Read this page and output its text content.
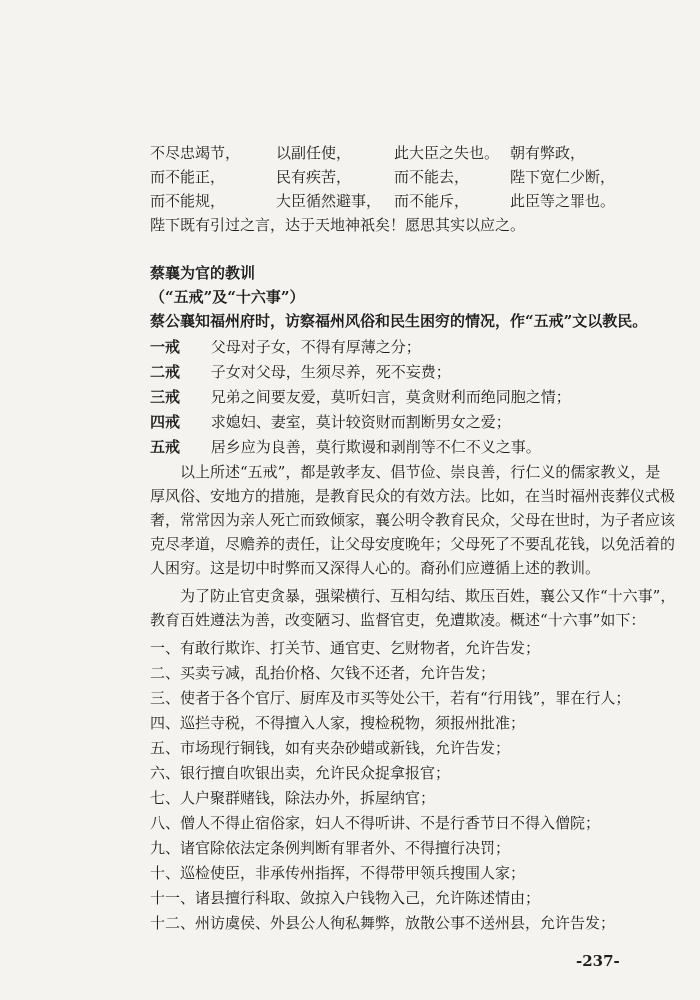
不尽忠竭节，	以副任使，	此大臣之失也。 朝有弊政，
而不能正，	民有疾苦，	而不能去，	陛下宽仁少断，
而不能规，	大臣循然避事， 而不能斥，	此臣等之罪也。
陛下既有引过之言，达于天地神祇矣！愿思其实以应之。
蔡襄为官的教训
（“五戒”及“十六事”）
蔡公襄知福州府时，访察福州风俗和民生困穷的情况，作“五戒”文以教民。
一戒 父母对子女，不得有厚薄之分；
二戒 子女对父母，生须尽养，死不妄费；
三戒 兄弟之间要友爱，莫听妇言，莫贪财利而绝同胞之情；
四戒 求媳妇、妻室，莫计较资财而割断男女之爱；
五戒 居乡应为良善，莫行欺谩和剥削等不仁不义之事。
　　以上所述“五戒”，都是敦孝友、倡节俭、崇良善，行仁义的儒家教义，是
厚风俗、安地方的措施，是教育民众的有效方法。比如，在当时福州丧葬仪式极
奢，常常因为亲人死亡而致倾家，襄公明令教育民众，父母在世时，为子者应该
克尽孝道，尽赡养的责任，让父母安度晚年；父母死了不要乱花钱，以免活着的
人困穷。这是切中时弊而又深得人心的。裔孙们应遵循上述的教训。
　　为了防止官吏贪暴，强梁横行、互相勾结、欺压百姓，襄公又作“十六事”，
教育百姓遵法为善，改变陋习、监督官吏，免遭欺凌。概述“十六事”如下：
一、有敢行欺诈、打关节、通官吏、乞财物者，允许告发；
二、买卖亏减，乱抬价格、欠钱不还者，允许告发；
三、使者于各个官厅、厨库及市买等处公干，若有“行用钱”，罪在行人；
四、巡拦寺税，不得擅入人家，搜检税物，须报州批准；
五、市场现行铜钱，如有夹杂砂蜡或新钱，允许告发；
六、银行擅自吹银出卖，允许民众捉拿报官；
七、人户聚群赌钱，除法办外，拆屋纳官；
八、僧人不得止宿俗家，妇人不得听讲、不是行香节日不得入僧院；
九、诸官除依法定条例判断有罪者外、不得擅行决罚；
十、巡检使臣，非承传州指挥，不得带甲领兵搜围人家；
十一、诸县擅行科取、敛掠入户钱物入己，允许陈述情由；
十二、州访虞侯、外县公人徇私舞弊，放散公事不送州县，允许告发；
-237-
